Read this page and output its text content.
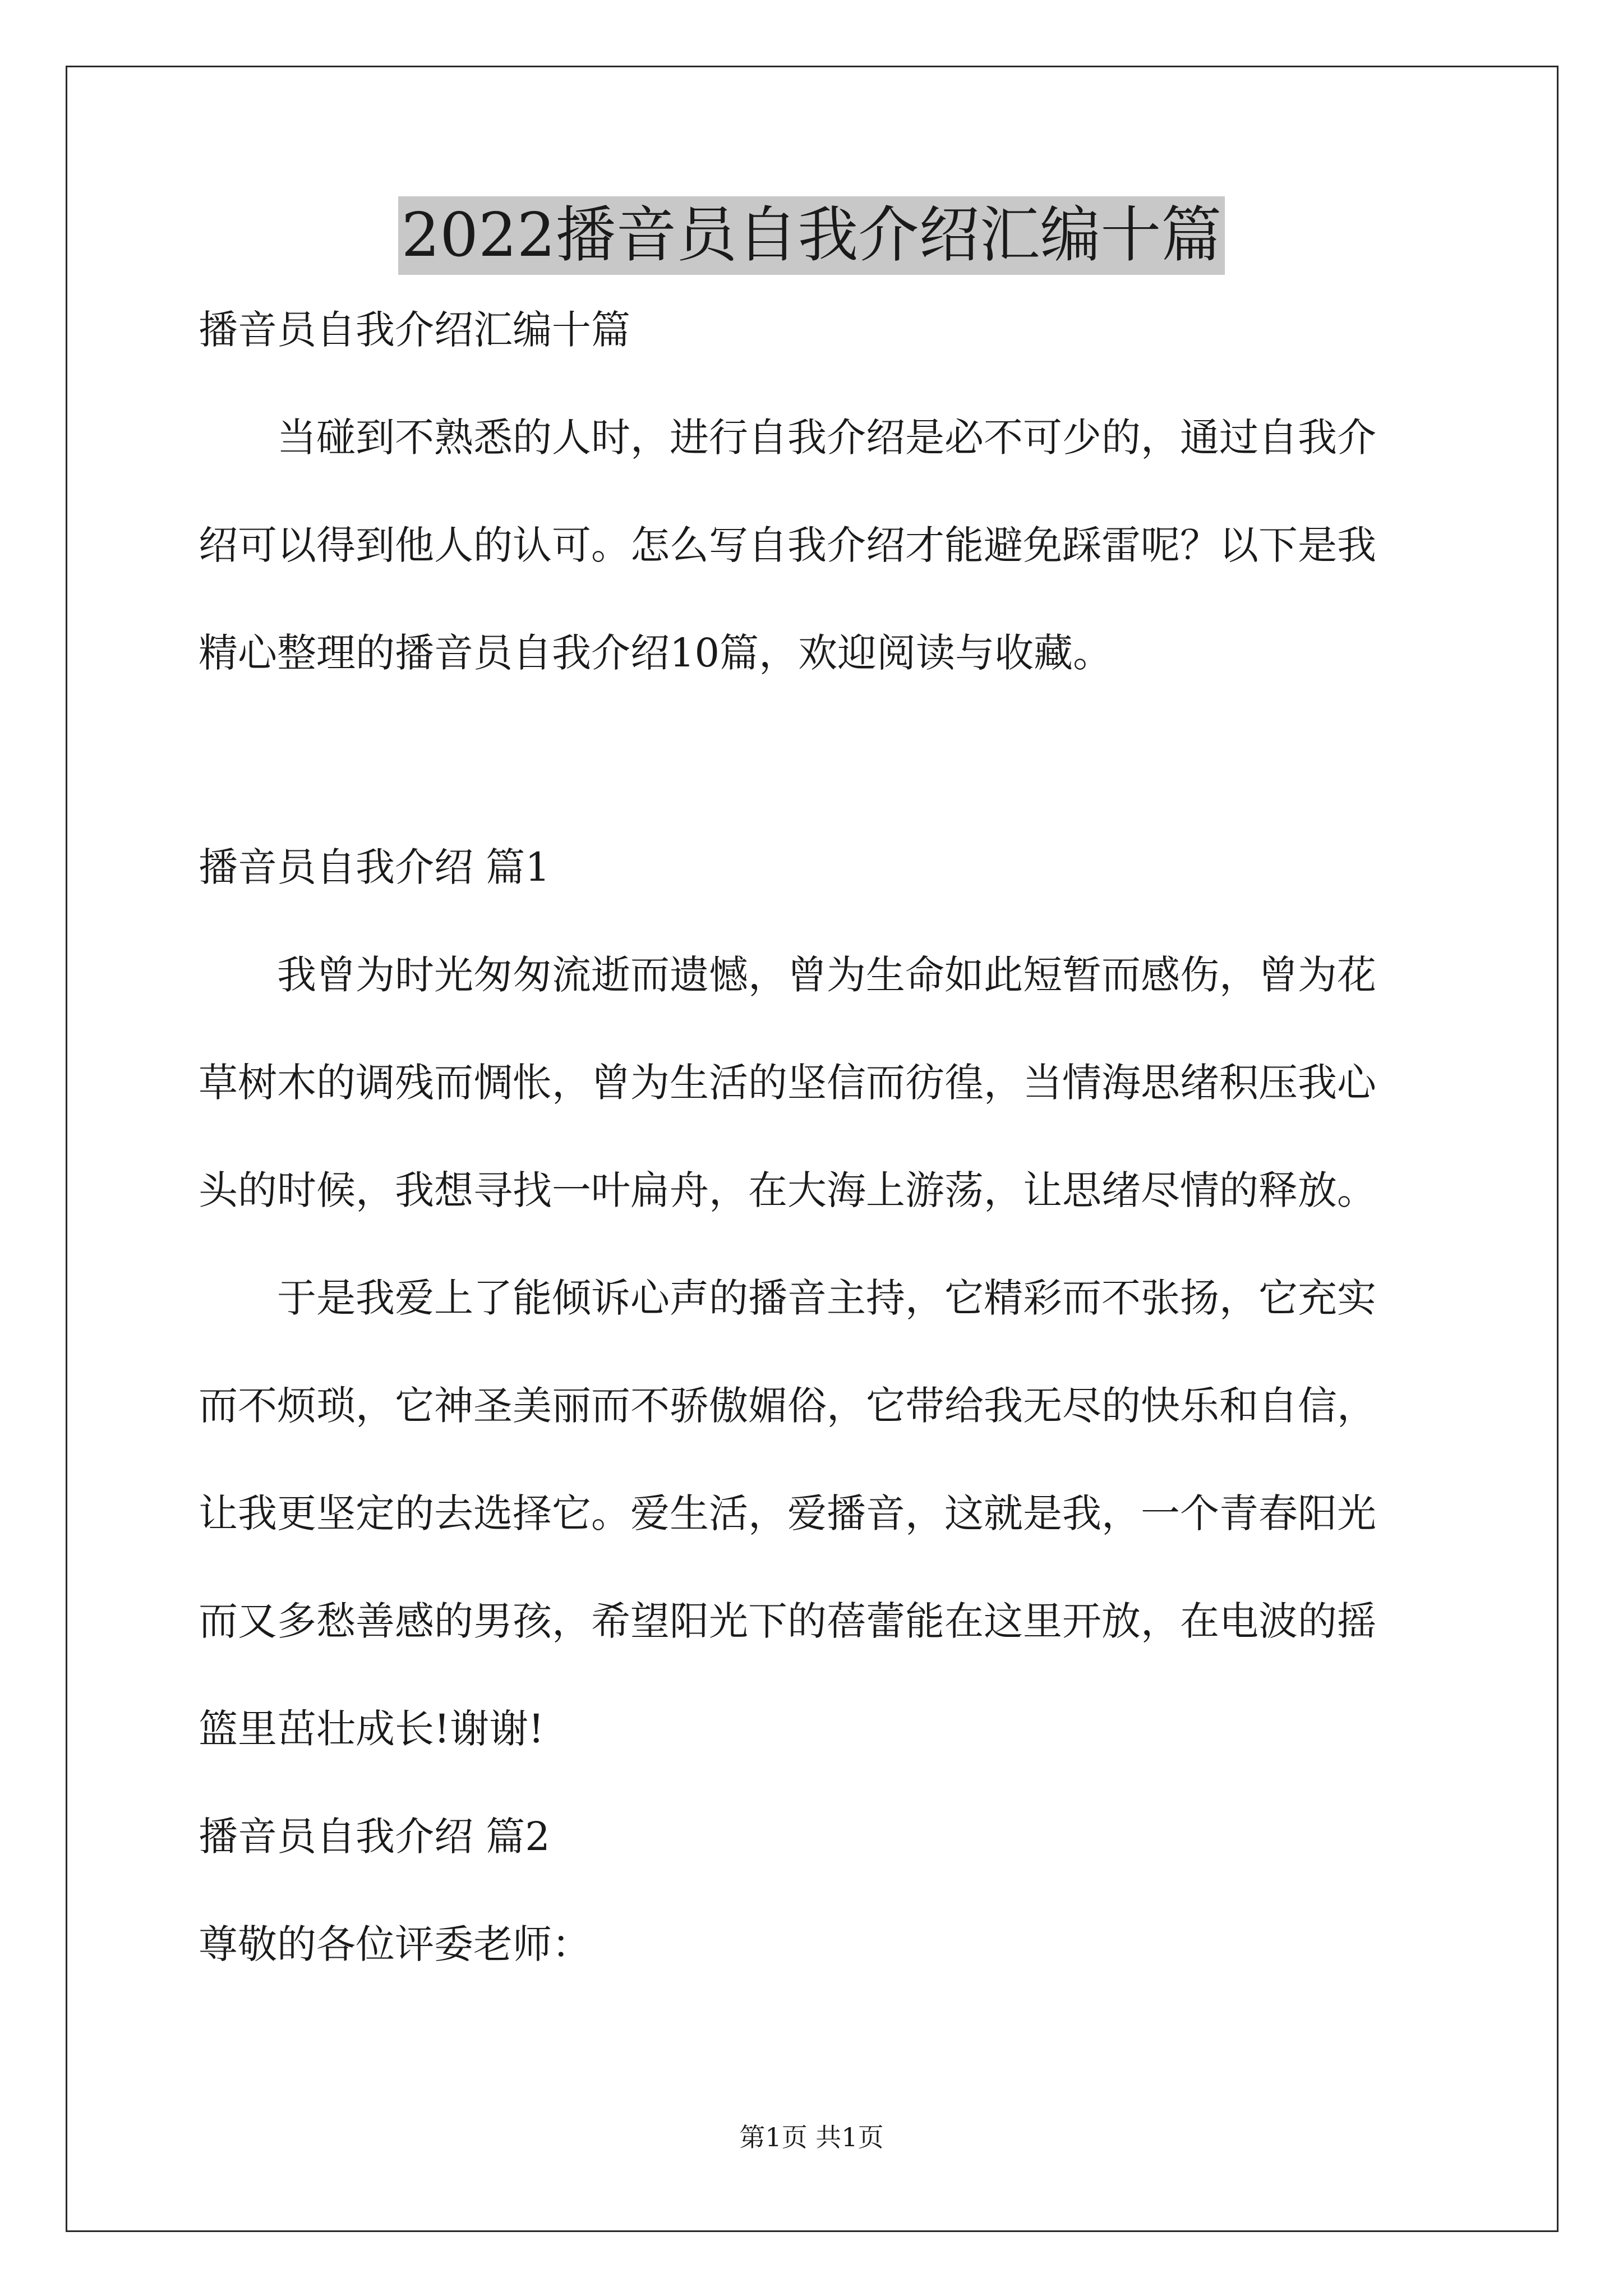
2022播音员自我介绍汇编十篇

播音员自我介绍汇编十篇

当碰到不熟悉的人时，进行自我介绍是必不可少的，通过自我介

绍可以得到他人的认可。怎么写自我介绍才能避免踩雷呢？以下是我

精心整理的播音员自我介绍10篇，欢迎阅读与收藏。

播音员自我介绍 篇1

我曾为时光匆匆流逝而遗憾，曾为生命如此短暂而感伤，曾为花

草树木的调残而惆怅，曾为生活的坚信而彷徨，当情海思绪积压我心

头的时候，我想寻找一叶扁舟，在大海上游荡，让思绪尽情的释放。

于是我爱上了能倾诉心声的播音主持，它精彩而不张扬，它充实

而不烦琐，它神圣美丽而不骄傲媚俗，它带给我无尽的快乐和自信，

让我更坚定的去选择它。爱生活，爱播音，这就是我，一个青春阳光

而又多愁善感的男孩，希望阳光下的蓓蕾能在这里开放，在电波的摇

篮里茁壮成长!谢谢!

播音员自我介绍 篇2

尊敬的各位评委老师：

第1页 共1页
